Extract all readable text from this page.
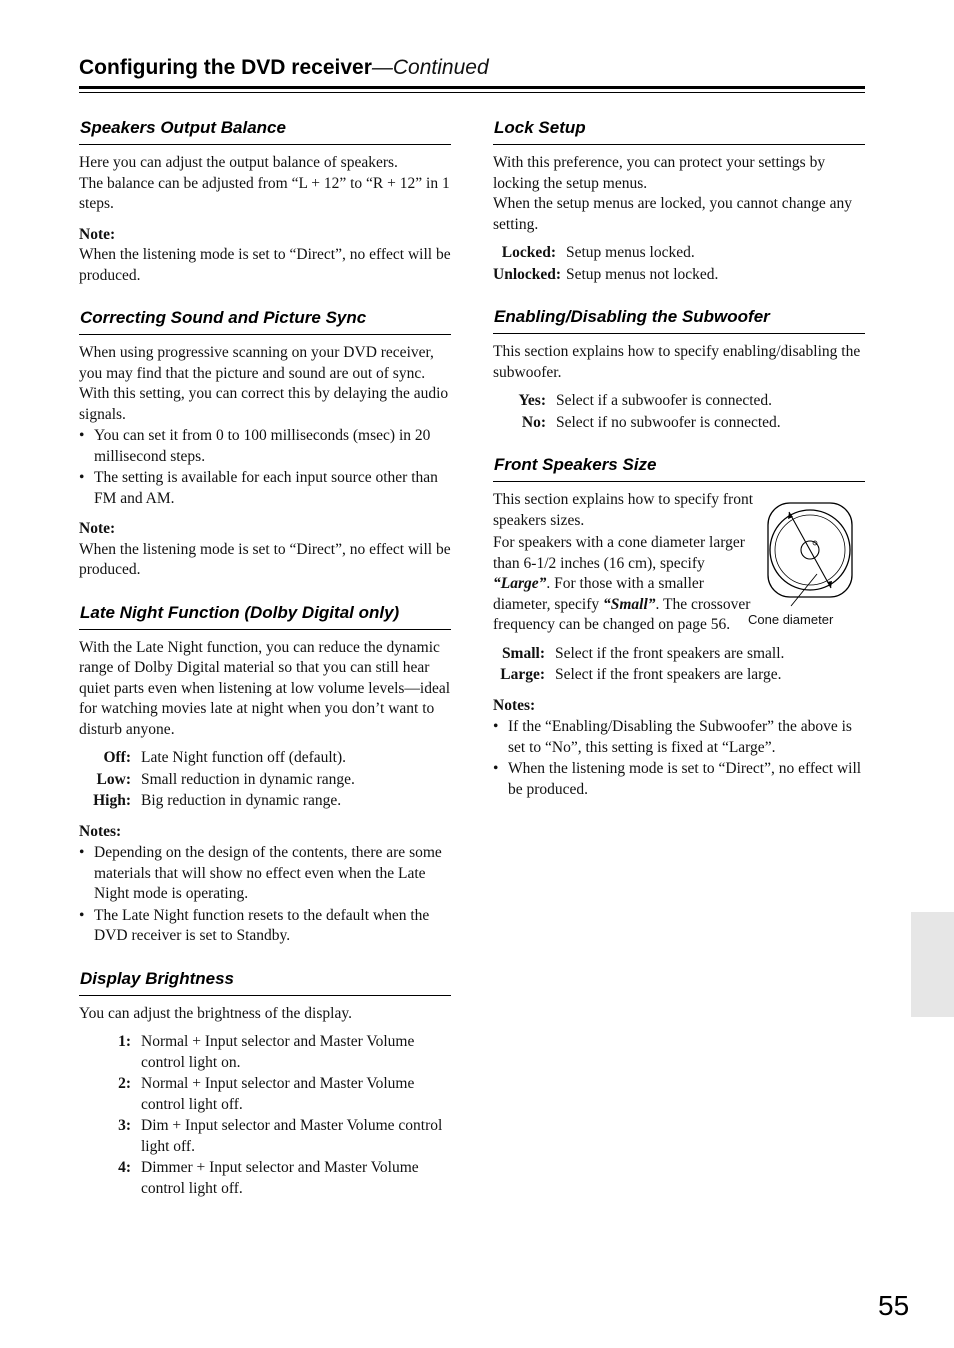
Configuring the DVD receiver—Continued
Speakers Output Balance

Here you can adjust the output balance of speakers.

The balance can be adjusted from “L + 12” to “R + 12” in 1 steps.

Note:

When the listening mode is set to “Direct”, no effect will be produced.

Correcting Sound and Picture Sync

When using progressive scanning on your DVD receiver, you may find that the picture and sound are out of sync. With this setting, you can correct this by delaying the audio signals.

• You can set it from 0 to 100 milliseconds (msec) in 20 millisecond steps.
• The setting is available for each input source other than FM and AM.
Note:

When the listening mode is set to “Direct”, no effect will be produced.

Late Night Function (Dolby Digital only)

With the Late Night function, you can reduce the dynamic range of Dolby Digital material so that you can still hear quiet parts even when listening at low volume levels—ideal for watching movies late at night when you don’t want to disturb anyone.

Off: Late Night function off (default).
Low: Small reduction in dynamic range.
High: Big reduction in dynamic range.
Notes:
• Depending on the design of the contents, there are some materials that will show no effect even when the Late Night mode is operating.
• The Late Night function resets to the default when the DVD receiver is set to Standby.
Display Brightness

You can adjust the brightness of the display.

1: Normal + Input selector and Master Volume control light on.
2: Normal + Input selector and Master Volume control light off.
3: Dim + Input selector and Master Volume control light off.
4: Dimmer + Input selector and Master Volume control light off.
Lock Setup

With this preference, you can protect your settings by locking the setup menus.

When the setup menus are locked, you cannot change any setting.

Locked: Setup menus locked.
Unlocked: Setup menus not locked.
Enabling/Disabling the Subwoofer

This section explains how to specify enabling/disabling the subwoofer.

Yes: Select if a subwoofer is connected.
No: Select if no subwoofer is connected.
Front Speakers Size

This section explains how to specify front speakers sizes.

For speakers with a cone diameter larger than 6-1/2 inches (16 cm), specify “Large”. For those with a smaller diameter, specify “Small”. The crossover frequency can be changed on page 56.	Cone diameter
Small: Select if the front speakers are small.
Large: Select if the front speakers are large.
Notes:
• If the “Enabling/Disabling the Subwoofer” the above is set to “No”, this setting is fixed at “Large”.
• When the listening mode is set to “Direct”, no effect will be produced.
55
